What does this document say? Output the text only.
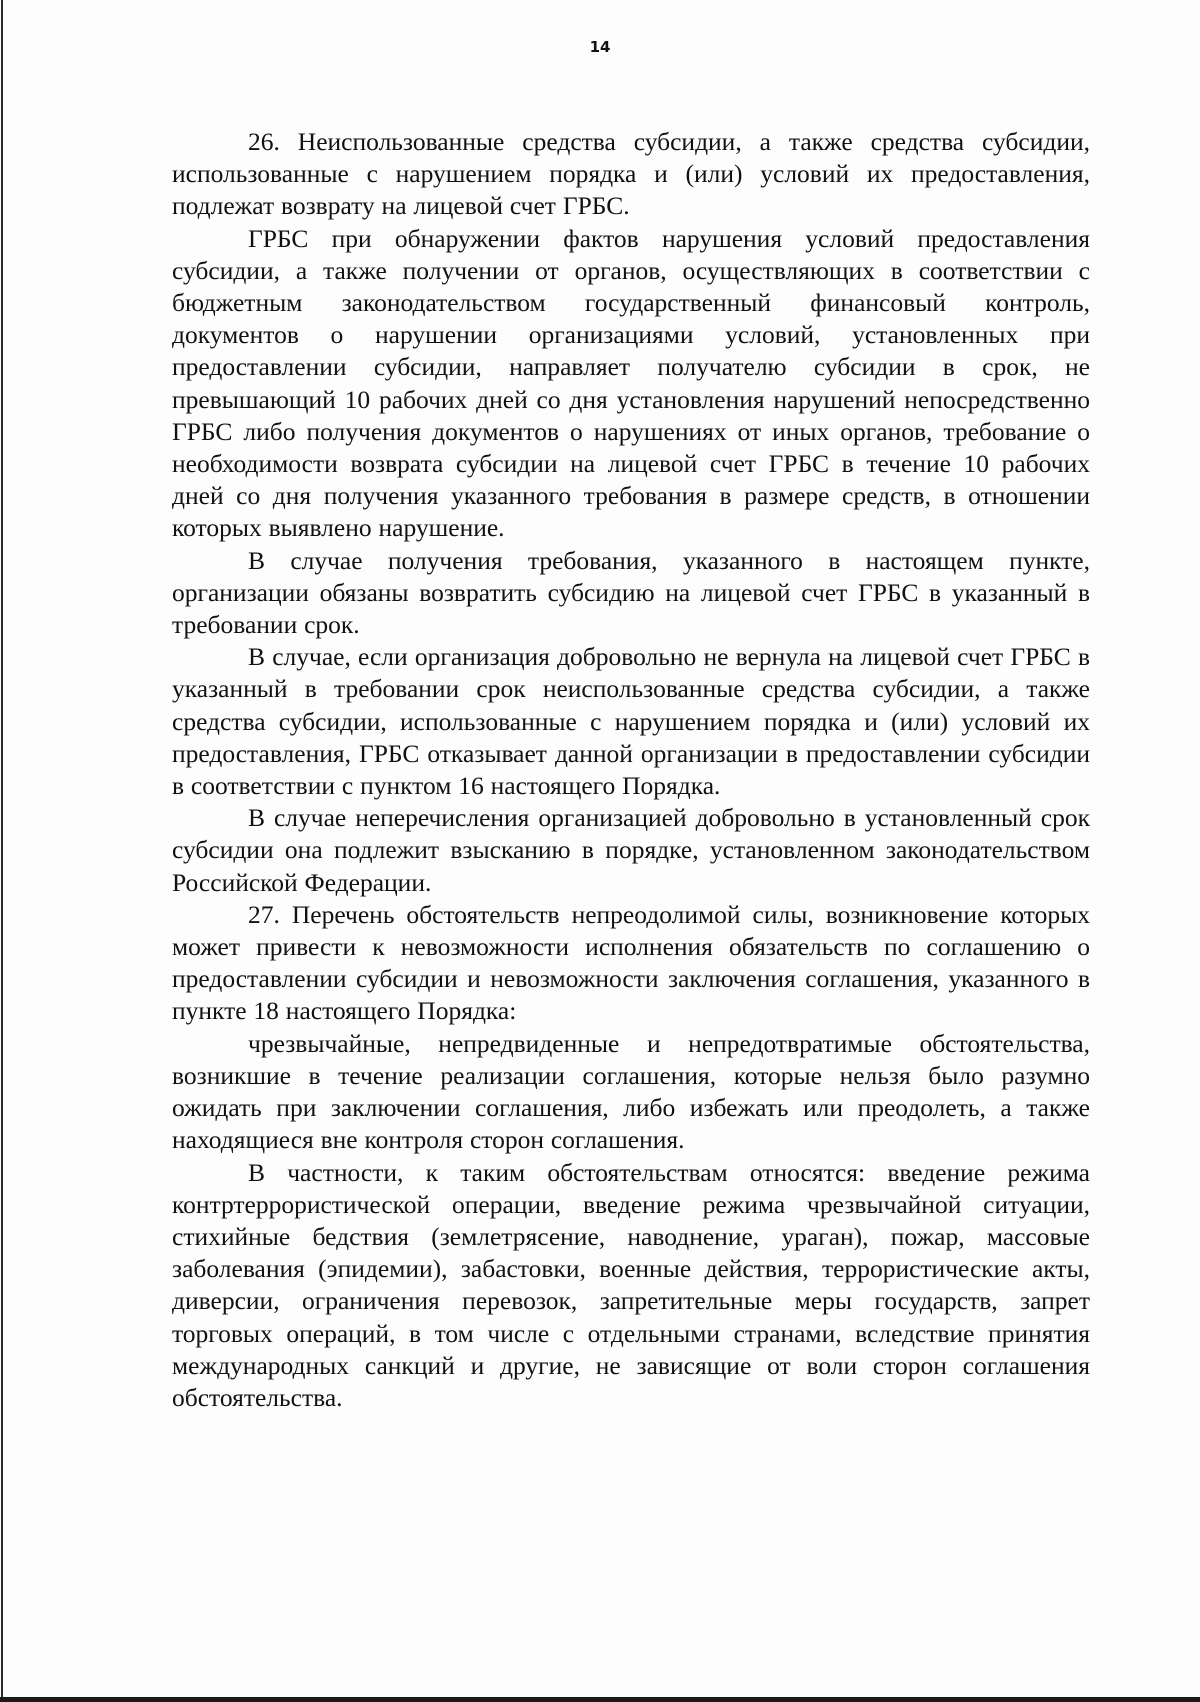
14

26. Неиспользованные средства субсидии, а также средства субсидии, использованные с нарушением порядка и (или) условий их предоставления, подлежат возврату на лицевой счет ГРБС.

ГРБС при обнаружении фактов нарушения условий предоставления субсидии, а также получении от органов, осуществляющих в соответствии с бюджетным законодательством государственный финансовый контроль, документов о нарушении организациями условий, установленных при предоставлении субсидии, направляет получателю субсидии в срок, не превышающий 10 рабочих дней со дня установления нарушений непосредственно ГРБС либо получения документов о нарушениях от иных органов, требование о необходимости возврата субсидии на лицевой счет ГРБС в течение 10 рабочих дней со дня получения указанного требования в размере средств, в отношении которых выявлено нарушение.

В случае получения требования, указанного в настоящем пункте, организации обязаны возвратить субсидию на лицевой счет ГРБС в указанный в требовании срок.

В случае, если организация добровольно не вернула на лицевой счет ГРБС в указанный в требовании срок неиспользованные средства субсидии, а также средства субсидии, использованные с нарушением порядка и (или) условий их предоставления, ГРБС отказывает данной организации в предоставлении субсидии в соответствии с пунктом 16 настоящего Порядка.

В случае неперечисления организацией добровольно в установленный срок субсидии она подлежит взысканию в порядке, установленном законодательством Российской Федерации.

27. Перечень обстоятельств непреодолимой силы, возникновение которых может привести к невозможности исполнения обязательств по соглашению о предоставлении субсидии и невозможности заключения соглашения, указанного в пункте 18 настоящего Порядка:

чрезвычайные, непредвиденные и непредотвратимые обстоятельства, возникшие в течение реализации соглашения, которые нельзя было разумно ожидать при заключении соглашения, либо избежать или преодолеть, а также находящиеся вне контроля сторон соглашения.

В частности, к таким обстоятельствам относятся: введение режима контртеррористической операции, введение режима чрезвычайной ситуации, стихийные бедствия (землетрясение, наводнение, ураган), пожар, массовые заболевания (эпидемии), забастовки, военные действия, террористические акты, диверсии, ограничения перевозок, запретительные меры государств, запрет торговых операций, в том числе с отдельными странами, вследствие принятия международных санкций и другие, не зависящие от воли сторон соглашения обстоятельства.
